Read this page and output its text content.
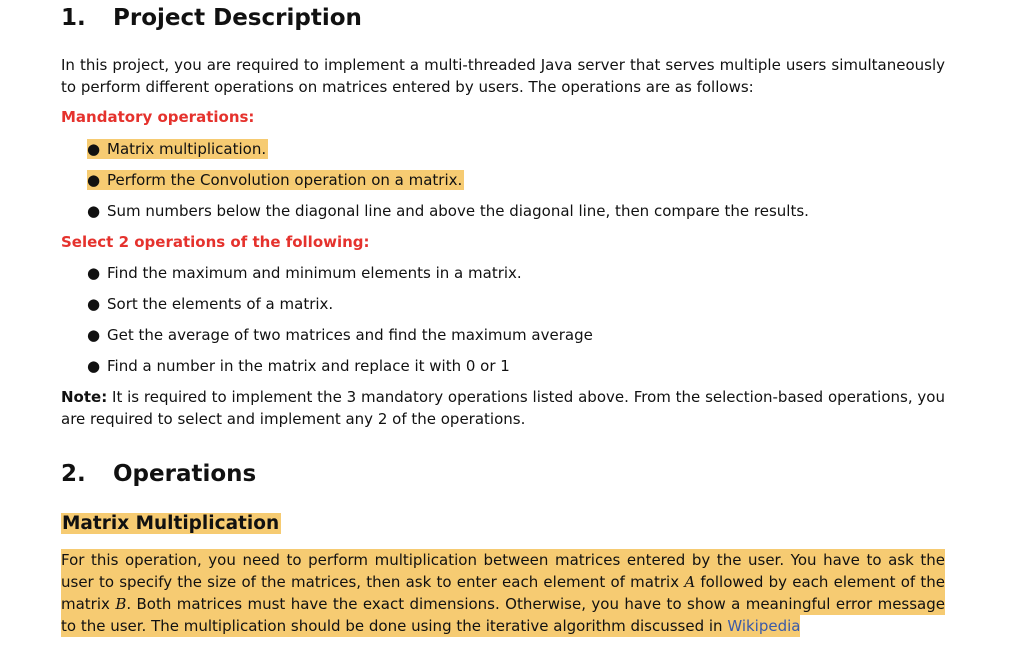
1. Project Description
In this project, you are required to implement a multi-threaded Java server that serves multiple users simultaneously to perform different operations on matrices entered by users. The operations are as follows:
Mandatory operations:
● Matrix multiplication.
● Perform the Convolution operation on a matrix.
● Sum numbers below the diagonal line and above the diagonal line, then compare the results.
Select 2 operations of the following:
● Find the maximum and minimum elements in a matrix.
● Sort the elements of a matrix.
● Get the average of two matrices and find the maximum average
● Find a number in the matrix and replace it with 0 or 1
Note: It is required to implement the 3 mandatory operations listed above. From the selection-based operations, you are required to select and implement any 2 of the operations.
2. Operations
Matrix Multiplication
For this operation, you need to perform multiplication between matrices entered by the user. You have to ask the
user to specify the size of the matrices, then ask to enter each element of matrix A followed by each element of the
matrix B. Both matrices must have the exact dimensions. Otherwise, you have to show a meaningful error message
to the user. The multiplication should be done using the iterative algorithm discussed in Wikipedia
